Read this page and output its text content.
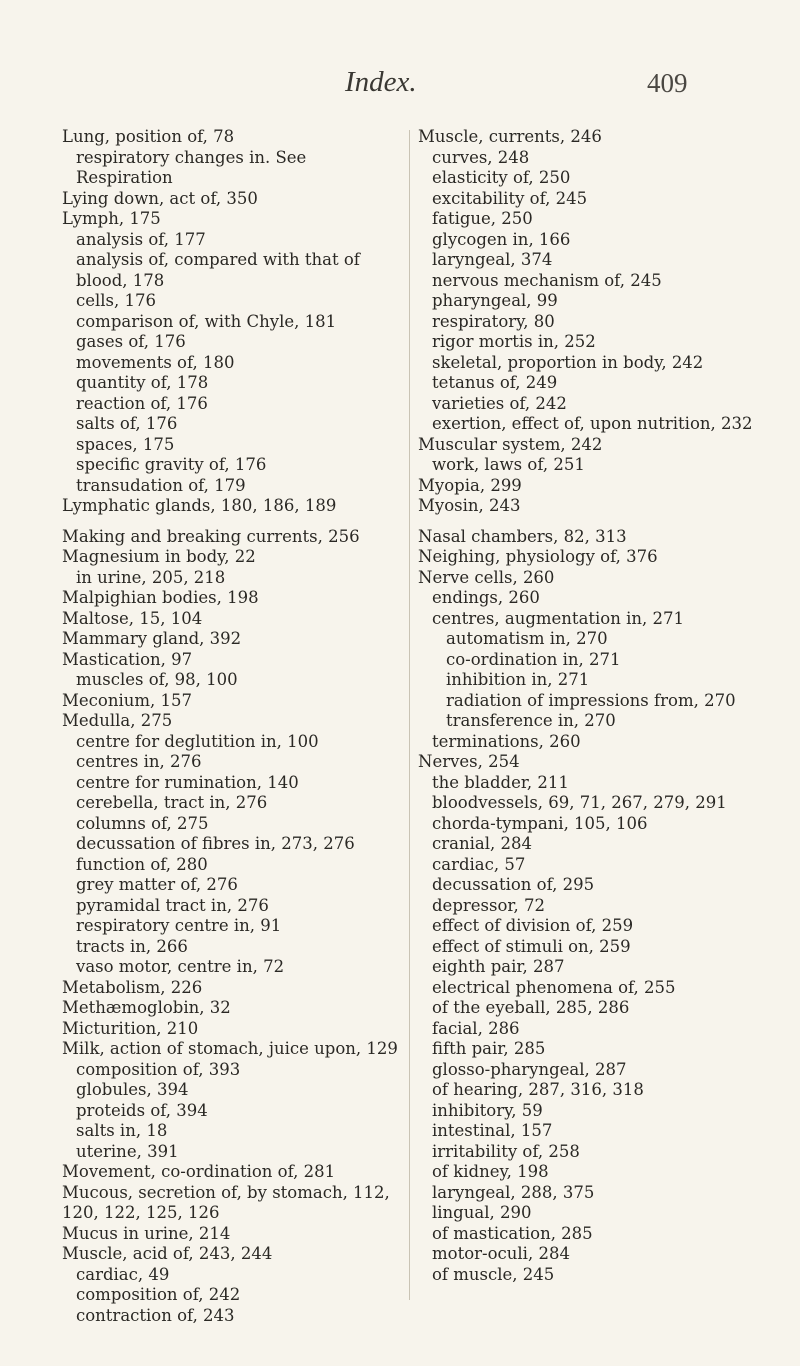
Index.	409
Lung, position of, 78
respiratory changes in. See Respiration
Lying down, act of, 350
Lymph, 175
analysis of, 177
analysis of, compared with that of blood, 178
cells, 176
comparison of, with Chyle, 181
gases of, 176
movements of, 180
quantity of, 178
reaction of, 176
salts of, 176
spaces, 175
specific gravity of, 176
transudation of, 179
Lymphatic glands, 180, 186, 189
Making and breaking currents, 256
Magnesium in body, 22
in urine, 205, 218
Malpighian bodies, 198
Maltose, 15, 104
Mammary gland, 392
Mastication, 97
muscles of, 98, 100
Meconium, 157
Medulla, 275
centre for deglutition in, 100
centres in, 276
centre for rumination, 140
cerebella, tract in, 276
columns of, 275
decussation of fibres in, 273, 276
function of, 280
grey matter of, 276
pyramidal tract in, 276
respiratory centre in, 91
tracts in, 266
vaso motor, centre in, 72
Metabolism, 226
Methæmoglobin, 32
Micturition, 210
Milk, action of stomach, juice upon, 129
composition of, 393
globules, 394
proteids of, 394
salts in, 18
uterine, 391
Movement, co-ordination of, 281
Mucous, secretion of, by stomach, 112, 120, 122, 125, 126
Mucus in urine, 214
Muscle, acid of, 243, 244
cardiac, 49
composition of, 242
contraction of, 243
Muscle, currents, 246
curves, 248
elasticity of, 250
excitability of, 245
fatigue, 250
glycogen in, 166
laryngeal, 374
nervous mechanism of, 245
pharyngeal, 99
respiratory, 80
rigor mortis in, 252
skeletal, proportion in body, 242
tetanus of, 249
varieties of, 242
exertion, effect of, upon nutrition, 232
Muscular system, 242
work, laws of, 251
Myopia, 299
Myosin, 243
Nasal chambers, 82, 313
Neighing, physiology of, 376
Nerve cells, 260
endings, 260
centres, augmentation in, 271
automatism in, 270
co-ordination in, 271
inhibition in, 271
radiation of impressions from, 270
transference in, 270
terminations, 260
Nerves, 254
the bladder, 211
bloodvessels, 69, 71, 267, 279, 291
chorda-tympani, 105, 106
cranial, 284
cardiac, 57
decussation of, 295
depressor, 72
effect of division of, 259
effect of stimuli on, 259
eighth pair, 287
electrical phenomena of, 255
of the eyeball, 285, 286
facial, 286
fifth pair, 285
glosso-pharyngeal, 287
of hearing, 287, 316, 318
inhibitory, 59
intestinal, 157
irritability of, 258
of kidney, 198
laryngeal, 288, 375
lingual, 290
of mastication, 285
motor-oculi, 284
of muscle, 245
